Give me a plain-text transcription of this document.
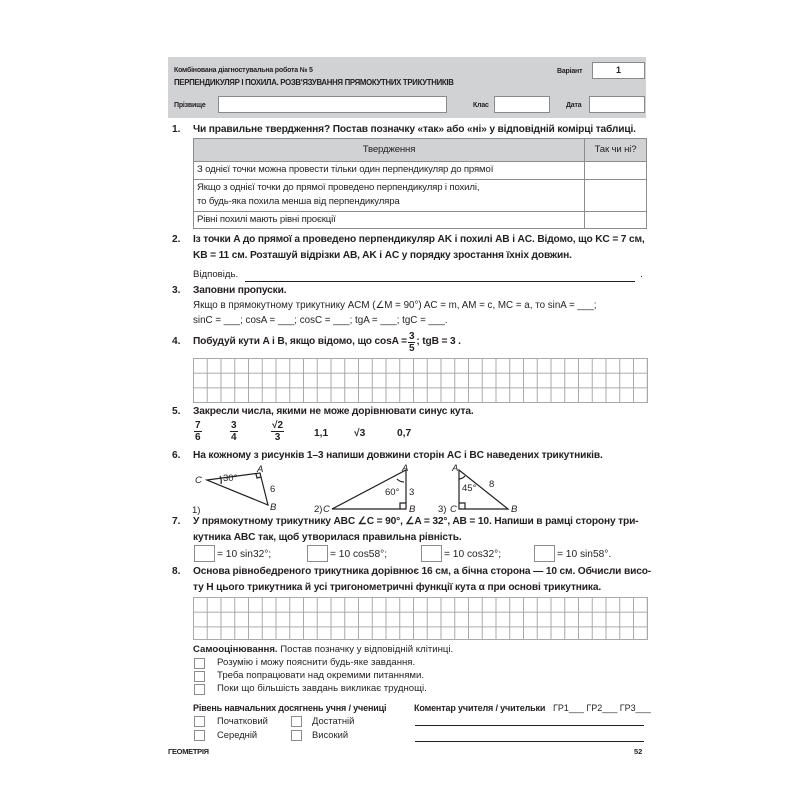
Комбінована діагностувальна робота № 5
ПЕРПЕНДИКУЛЯР І ПОХИЛА. РОЗВ'ЯЗУВАННЯ ПРЯМОКУТНИХ ТРИКУТНИКІВ
Варіант	1
Прізвище	Клас	Дата
1. Чи правильне твердження? Постав позначку «так» або «ні» у відповідній комірці таблиці.
Твердження	Так чи ні?
З однієї точки можна провести тільки один перпендикуляр до прямої	

Якщо з однієї точки до прямої проведено перпендикуляр і похилі,
то будь-яка похила менша від перпендикуляра	

Рівні похилі мають рівні проєкції	
2. Із точки A до прямої a проведено перпендикуляр AK і похилі AB і AC. Відомо, що KC = 7 см,
KB = 11 см. Розташуй відрізки AB, AK і AC у порядку зростання їхніх довжин.
Відповідь.	.
3. Заповни пропуски.
Якщо в прямокутному трикутнику ACM (∠M = 90°) AC = m, AM = c, MC = a, то sinA = ___;
sinC = ___; cosA = ___; cosC = ___; tgA = ___; tgC = ___.
4. Побудуй кути A і B, якщо відомо, що $\cos A = \frac{3}{5}$ ; tgB = 3 .
5. Закресли числа, якими не може дорівнювати синус кута.
$\frac{7}{6}$	$\frac{3}{4}$	$\frac{√2}{3}$	1,1	√3	0,7
6. На кожному з рисунків 1–3 напиши довжини сторін AC і BC наведених трикутників.
C
A
B
30°
6
1)	2) C
A
B
60° 3
3) C
A
B
45° 8
7. У прямокутному трикутнику ABC ∠C = 90°, ∠A = 32°, AB = 10. Напиши в рамці сторону три-
кутника ABC так, щоб утворилася правильна рівність.
= 10 sin32°;	= 10 cos58°;	= 10 cos32°;	= 10 sin58°.
8. Основа рівнобедреного трикутника дорівнює 16 см, а бічна сторона — 10 см. Обчисли висо-
ту H цього трикутника й усі тригонометричні функції кута α при основі трикутника.
Самооцінювання. Постав позначку у відповідній клітинці.
Розумію і можу пояснити будь-яке завдання.
Треба попрацювати над окремими питаннями.
Поки що більшість завдань викликає труднощі.
Рівень навчальних досягнень учня / учениці
Початковий	Достатній
Середній	Високий
Коментар учителя / учительки ГР1___ ГР2___ ГР3___
ГЕОМЕТРІЯ	52
